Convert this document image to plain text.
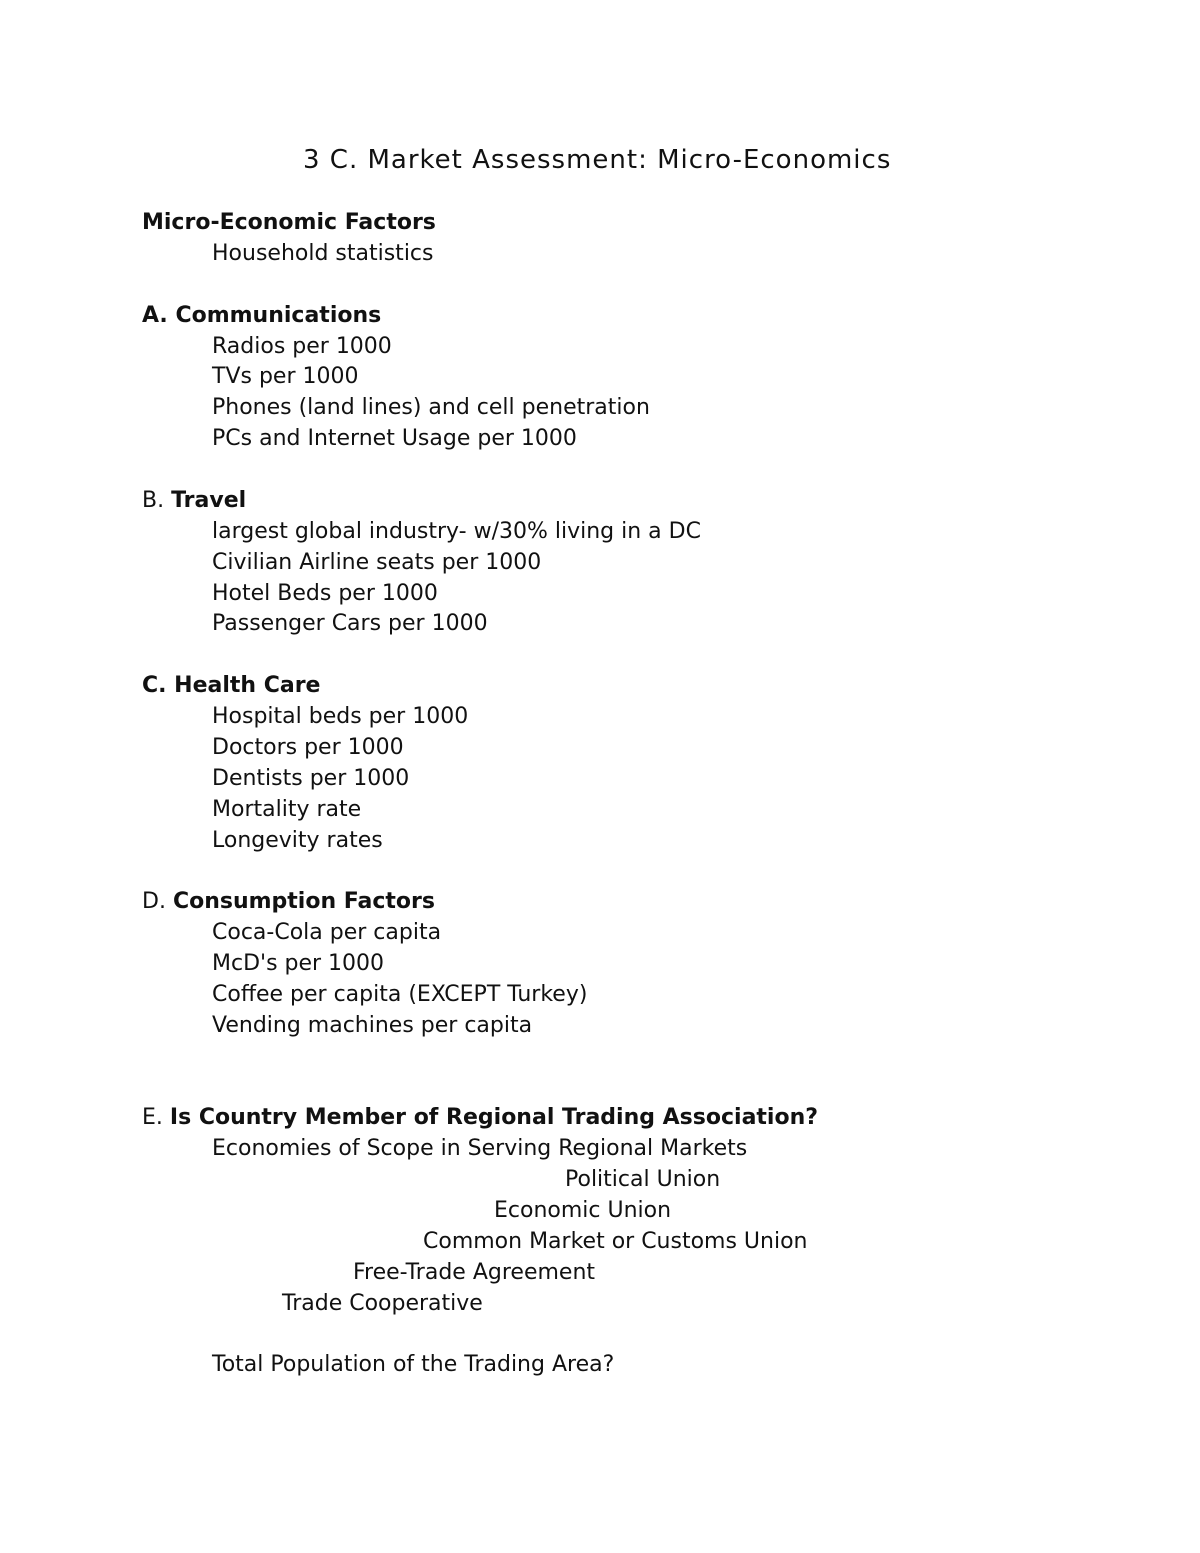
3 C. Market Assessment: Micro-Economics
Micro-Economic Factors
Household statistics
A. Communications
Radios per 1000
TVs per 1000
Phones (land lines) and cell penetration
PCs and Internet Usage per 1000
B. Travel
largest global industry- w/30% living in a DC
Civilian Airline seats per 1000
Hotel Beds per 1000
Passenger Cars per 1000
C. Health Care
Hospital beds per 1000
Doctors per 1000
Dentists per 1000
Mortality rate
Longevity rates
D. Consumption Factors
Coca-Cola per capita
McD's per 1000
Coffee per capita (EXCEPT Turkey)
Vending machines per capita
E. Is Country Member of Regional Trading Association?
Economies of Scope in Serving Regional Markets
Political Union
Economic Union
Common Market or Customs Union
Free-Trade Agreement
Trade Cooperative
Total Population of the Trading Area?
